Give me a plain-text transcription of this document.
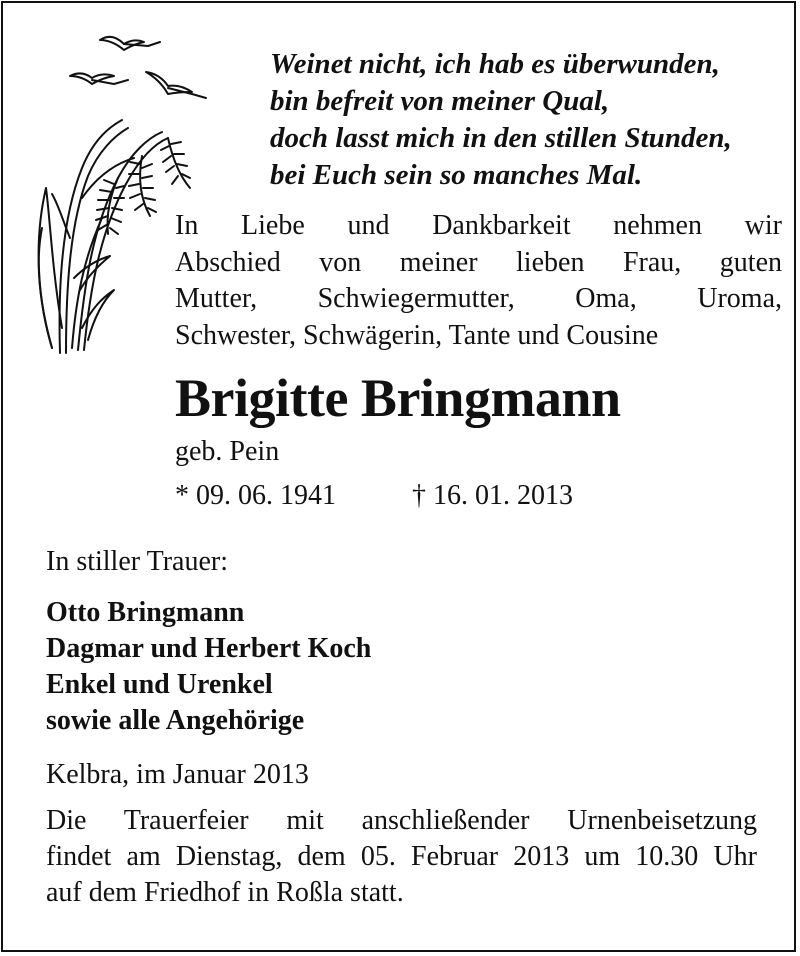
Weinet nicht, ich hab es überwunden,
bin befreit von meiner Qual,
doch lasst mich in den stillen Stunden,
bei Euch sein so manches Mal.
In Liebe und Dankbarkeit nehmen wir
Abschied von meiner lieben Frau, guten
Mutter, Schwiegermutter, Oma, Uroma,
Schwester, Schwägerin, Tante und Cousine
Brigitte Bringmann
geb. Pein
* 09. 06. 1941	† 16. 01. 2013
In stiller Trauer:
Otto Bringmann
Dagmar und Herbert Koch
Enkel und Urenkel
sowie alle Angehörige
Kelbra, im Januar 2013
Die Trauerfeier mit anschließender Urnenbeisetzung
findet am Dienstag, dem 05. Februar 2013 um 10.30 Uhr
auf dem Friedhof in Roßla statt.
